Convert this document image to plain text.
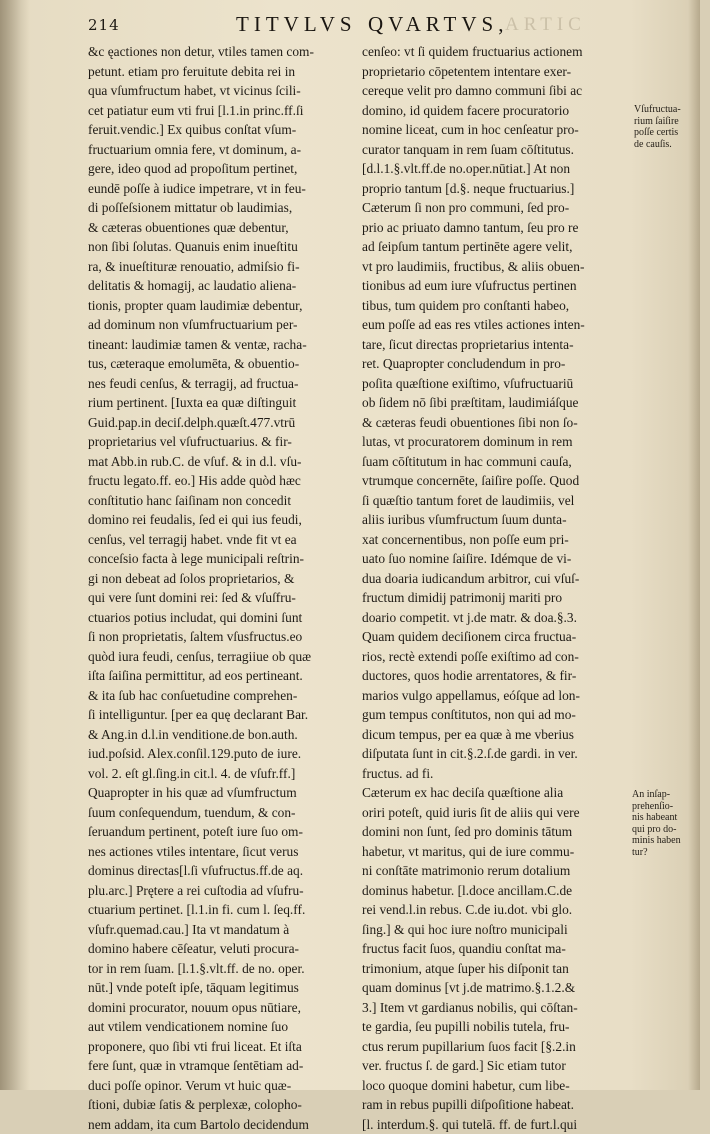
214	TITVLVS QVARTVS,
ARTIC
&c ęactiones non detur, vtiles tamen com-
petunt. etiam pro feruitute debita rei in
qua vſumfructum habet, vt vicinus ſcili-
cet patiatur eum vti frui [l.1.in princ.ff.ſi
feruit.vendic.] Ex quibus conſtat vſum-
fructuarium omnia fere, vt dominum, a-
gere, ideo quod ad propoſitum pertinet,
eundē poſſe à iudice impetrare, vt in feu-
di poſſeſsionem mittatur ob laudimias,
& cæteras obuentiones quæ debentur,
non ſibi ſolutas. Quanuis enim inueſtitu
ra, & inueſtituræ renouatio, admiſsio fi-
delitatis & homagij, ac laudatio aliena-
tionis, propter quam laudimiæ debentur,
ad dominum non vſumfructuarium per-
tineant: laudimiæ tamen & ventæ, racha-
tus, cæteraque emolumēta, & obuentio-
nes feudi cenſus, & terragij, ad fructua-
rium pertinent. [Iuxta ea quæ diſtinguit
Guid.pap.in deciſ.delph.quæſt.477.vtrū
proprietarius vel vſufructuarius. & fir-
mat Abb.in rub.C. de vſuf. & in d.l. vſu-
fructu legato.ff. eo.] His adde quòd hæc
conſtitutio hanc ſaiſinam non concedit
domino rei feudalis, ſed ei qui ius feudi,
cenſus, vel terragij habet. vnde fit vt ea
conceſsio facta à lege municipali reſtrin-
gi non debeat ad ſolos proprietarios, &
qui vere ſunt domini rei: ſed & vſuſfru-
ctuarios potius includat, qui domini ſunt
ſi non proprietatis, ſaltem vſusfructus.eo
quòd iura feudi, cenſus, terragiiue ob quæ
iſta ſaiſina permittitur, ad eos pertineant.
& ita ſub hac conſuetudine comprehen-
ſi intelliguntur. [per ea quę declarant Bar.
& Ang.in d.l.in venditione.de bon.auth.
iud.poſsid. Alex.conſil.129.puto de iure.
vol. 2. eſt gl.ſing.in cit.l. 4. de vſufr.ff.]
Quapropter in his quæ ad vſumfructum
ſuum conſequendum, tuendum, & con-
ſeruandum pertinent, poteſt iure ſuo om-
nes actiones vtiles intentare, ſicut verus
dominus directas[l.ſi vſufructus.ff.de aq.
plu.arc.] Prętere a rei cuſtodia ad vſufru-
ctuarium pertinet. [l.1.in fi. cum l. ſeq.ff.
vſufr.quemad.cau.] Ita vt mandatum à
domino habere cēſeatur, veluti procura-
tor in rem ſuam. [l.1.§.vlt.ff. de no. oper.
nūt.] vnde poteſt ipſe, tāquam legitimus
domini procurator, nouum opus nūtiare,
aut vtilem vendicationem nomine ſuo
proponere, quo ſibi vti frui liceat. Et iſta
fere ſunt, quæ in vtramque ſentētiam ad-
duci poſſe opinor. Verum vt huic quæ-
ſtioni, dubiæ ſatis & perplexæ, colopho-
nem addam, ita cum Bartolo decidendum
cenſeo: vt ſi quidem fructuarius actionem
proprietario cōpetentem intentare exer-
cereque velit pro damno communi ſibi ac
domino, id quidem facere procuratorio
nomine liceat, cum in hoc cenſeatur pro-
curator tanquam in rem ſuam cōſtitutus.
[d.l.1.§.vlt.ff.de no.oper.nūtiat.] At non
proprio tantum [d.§. neque fructuarius.]
Cæterum ſi non pro communi, ſed pro-
prio ac priuato damno tantum, ſeu pro re
ad ſeipſum tantum pertinēte agere velit,
vt pro laudimiis, fructibus, & aliis obuen-
tionibus ad eum iure vſufructus pertinen
tibus, tum quidem pro conſtanti habeo,
eum poſſe ad eas res vtiles actiones inten-
tare, ſicut directas proprietarius intenta-
ret. Quapropter concludendum in pro-
poſita quæſtione exiſtimo, vſufructuariū
ob ſidem nō ſibi præſtitam, laudimiáſque
& cæteras feudi obuentiones ſibi non ſo-
lutas, vt procuratorem dominum in rem
ſuam cōſtitutum in hac communi cauſa,
vtrumque concernēte, ſaiſire poſſe. Quod
ſi quæſtio tantum foret de laudimiis, vel
aliis iuribus vſumfructum ſuum dunta-
xat concernentibus, non poſſe eum pri-
uato ſuo nomine ſaiſire. Idémque de vi-
dua doaria iudicandum arbitror, cui vſuſ-
fructum dimidij patrimonij mariti pro
doario competit. vt j.de matr. & doa.§.3.
Quam quidem deciſionem circa fructua-
rios, rectè extendi poſſe exiſtimo ad con-
ductores, quos hodie arrentatores, & fir-
marios vulgo appellamus, eóſque ad lon-
gum tempus conſtitutos, non qui ad mo-
dicum tempus, per ea quæ à me vberius
diſputata ſunt in cit.§.2.ſ.de gardi. in ver.
fructus. ad fi.
Cæterum ex hac deciſa quæſtione alia
oriri poteſt, quid iuris ſit de aliis qui vere
domini non ſunt, ſed pro dominis tātum
habetur, vt maritus, qui de iure commu-
ni conſtāte matrimonio rerum dotalium
dominus habetur. [l.doce ancillam.C.de
rei vend.l.in rebus. C.de iu.dot. vbi glo.
ſing.] & qui hoc iure noſtro municipali
fructus facit ſuos, quandiu conſtat ma-
trimonium, atque ſuper his diſponit tan
quam dominus [vt j.de matrimo.§.1.2.&
3.] Item vt gardianus nobilis, qui cōſtan-
te gardia, ſeu pupilli nobilis tutela, fru-
ctus rerum pupillarium ſuos facit [§.2.in
ver. fructus ſ. de gard.] Sic etiam tutor
loco quoque domini habetur, cum libe-
ram in rebus pupilli diſpoſitione habeat.
[l. interdum.§. qui tutelā. ff. de furt.l.qui
Vſufructua-
rium ſaiſire
poſſe certis
de cauſis.
An inſap-
prehenſio-
nis habeant
qui pro do-
minis haben
tur?
